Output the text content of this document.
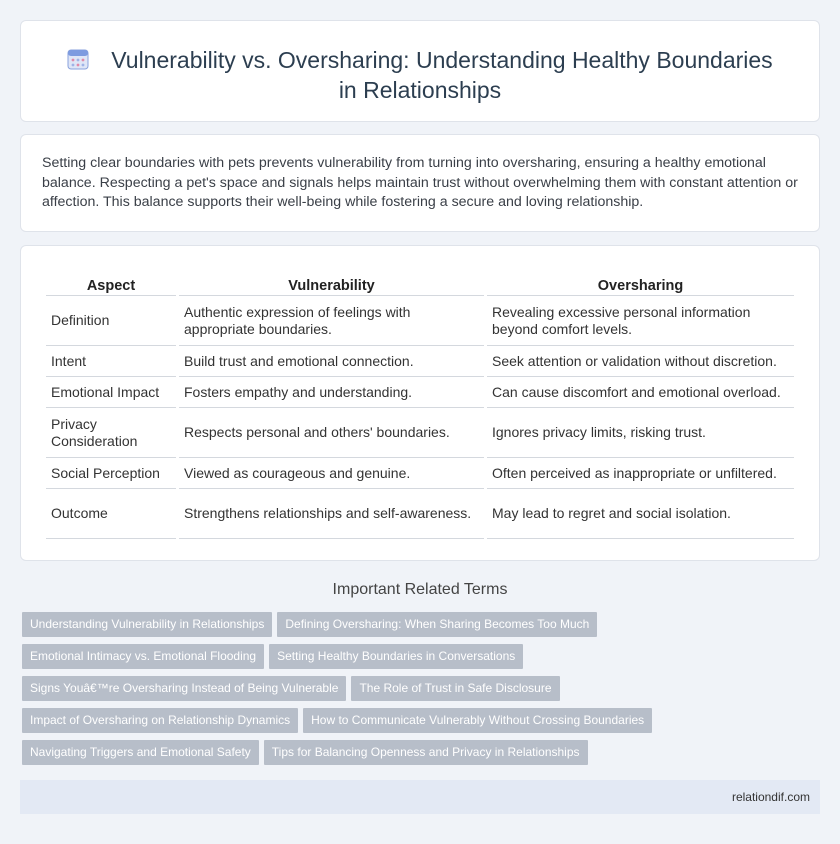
Vulnerability vs. Oversharing: Understanding Healthy Boundaries in Relationships

Setting clear boundaries with pets prevents vulnerability from turning into oversharing, ensuring a healthy emotional balance. Respecting a pet's space and signals helps maintain trust without overwhelming them with constant attention or affection. This balance supports their well-being while fostering a secure and loving relationship.

Aspect	Vulnerability	Oversharing
Definition	Authentic expression of feelings with appropriate boundaries.	Revealing excessive personal information beyond comfort levels.
Intent	Build trust and emotional connection.	Seek attention or validation without discretion.
Emotional Impact	Fosters empathy and understanding.	Can cause discomfort and emotional overload.
Privacy Consideration	Respects personal and others' boundaries.	Ignores privacy limits, risking trust.
Social Perception	Viewed as courageous and genuine.	Often perceived as inappropriate or unfiltered.
Outcome	Strengthens relationships and self-awareness.	May lead to regret and social isolation.
Important Related Terms
Understanding Vulnerability in Relationships Defining Oversharing: When Sharing Becomes Too Much
Emotional Intimacy vs. Emotional Flooding Setting Healthy Boundaries in Conversations
Signs Youâ€™re Oversharing Instead of Being Vulnerable The Role of Trust in Safe Disclosure
Impact of Oversharing on Relationship Dynamics How to Communicate Vulnerably Without Crossing Boundaries
Navigating Triggers and Emotional Safety Tips for Balancing Openness and Privacy in Relationships
relationdif.com
